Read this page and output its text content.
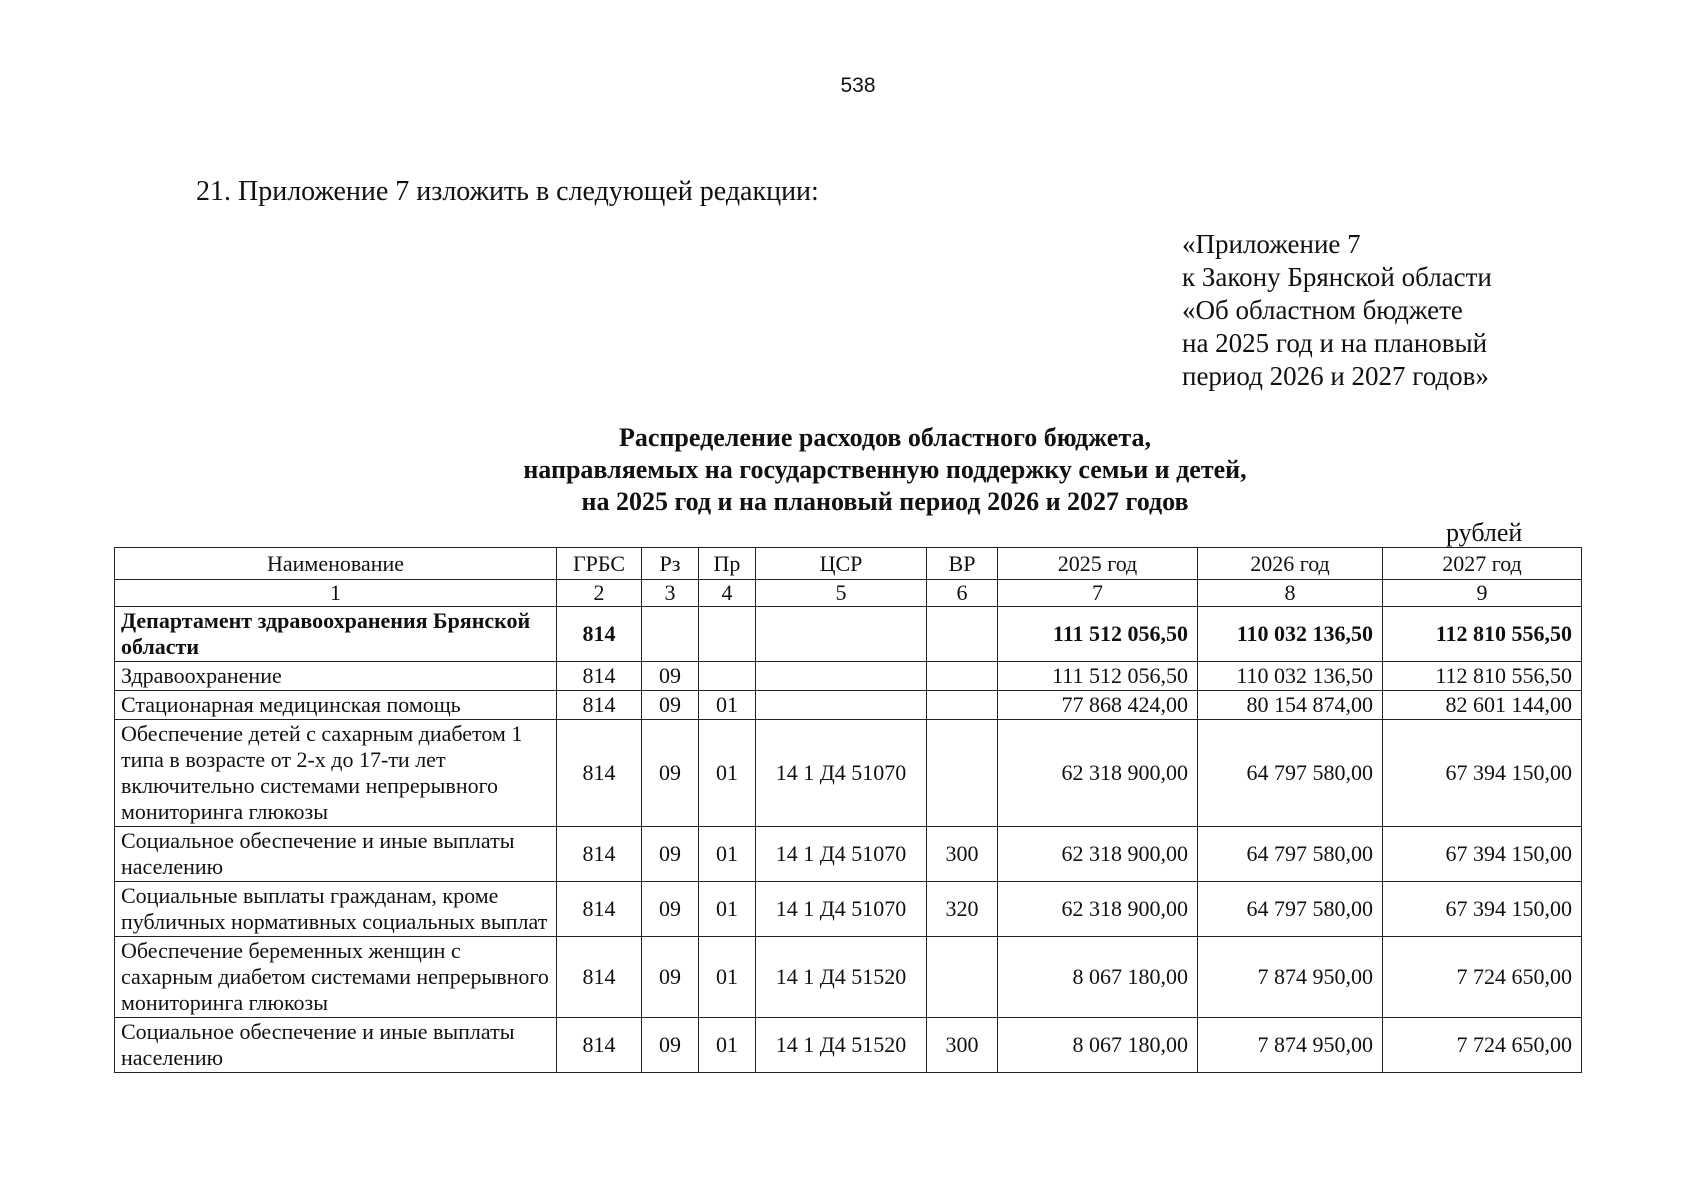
538
21. Приложение 7 изложить в следующей редакции:
«Приложение 7
к Закону Брянской области
«Об областном бюджете
на 2025 год и на плановый
период 2026 и 2027 годов»
Распределение расходов областного бюджета,
направляемых на государственную поддержку семьи и детей,
на 2025 год и на плановый период 2026 и 2027 годов
рублей
Наименование	ГРБС	Рз	Пр	ЦСР	ВР	2025 год	2026 год	2027 год
1	2	3	4	5	6	7	8	9
Департамент здравоохранения Брянской области	814					111 512 056,50	110 032 136,50	112 810 556,50
Здравоохранение	814	09				111 512 056,50	110 032 136,50	112 810 556,50
Стационарная медицинская помощь	814	09	01			77 868 424,00	80 154 874,00	82 601 144,00
Обеспечение детей с сахарным диабетом 1 типа в возрасте от 2-х до 17-ти лет включительно системами непрерывного мониторинга глюкозы	814	09	01	14 1 Д4 51070		62 318 900,00	64 797 580,00	67 394 150,00
Социальное обеспечение и иные выплаты населению	814	09	01	14 1 Д4 51070	300	62 318 900,00	64 797 580,00	67 394 150,00
Социальные выплаты гражданам, кроме публичных нормативных социальных выплат	814	09	01	14 1 Д4 51070	320	62 318 900,00	64 797 580,00	67 394 150,00
Обеспечение беременных женщин с сахарным диабетом системами непрерывного мониторинга глюкозы	814	09	01	14 1 Д4 51520		8 067 180,00	7 874 950,00	7 724 650,00
Социальное обеспечение и иные выплаты населению	814	09	01	14 1 Д4 51520	300	8 067 180,00	7 874 950,00	7 724 650,00
